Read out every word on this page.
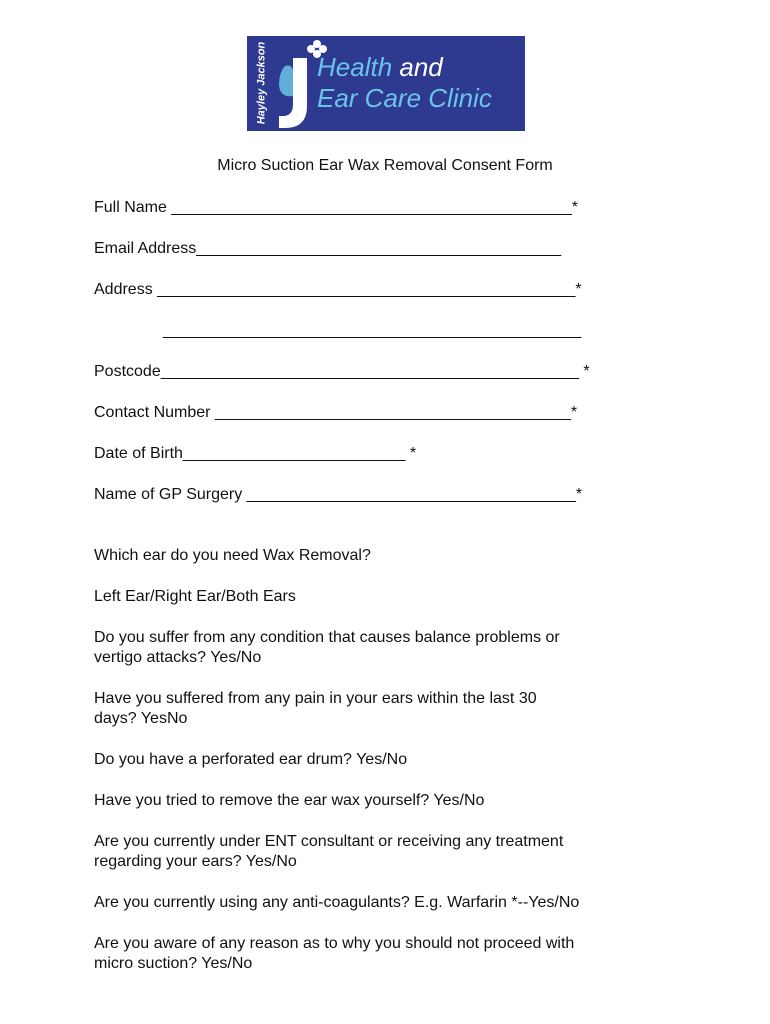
Hayley Jackson Health and
Ear Care Clinic
Micro Suction Ear Wax Removal Consent Form
Full Name _____________________________________________*
Email Address_________________________________________
Address _______________________________________________*
_______________________________________________
Postcode_______________________________________________ *
Contact Number ________________________________________*
Date of Birth_________________________ *
Name of GP Surgery _____________________________________*
Which ear do you need Wax Removal?
Left Ear/Right Ear/Both Ears
Do you suffer from any condition that causes balance problems or
vertigo attacks? Yes/No
Have you suffered from any pain in your ears within the last 30
days? YesNo
Do you have a perforated ear drum? Yes/No
Have you tried to remove the ear wax yourself? Yes/No
Are you currently under ENT consultant or receiving any treatment
regarding your ears? Yes/No
Are you currently using any anti-coagulants? E.g. Warfarin *--Yes/No
Are you aware of any reason as to why you should not proceed with
micro suction? Yes/No
